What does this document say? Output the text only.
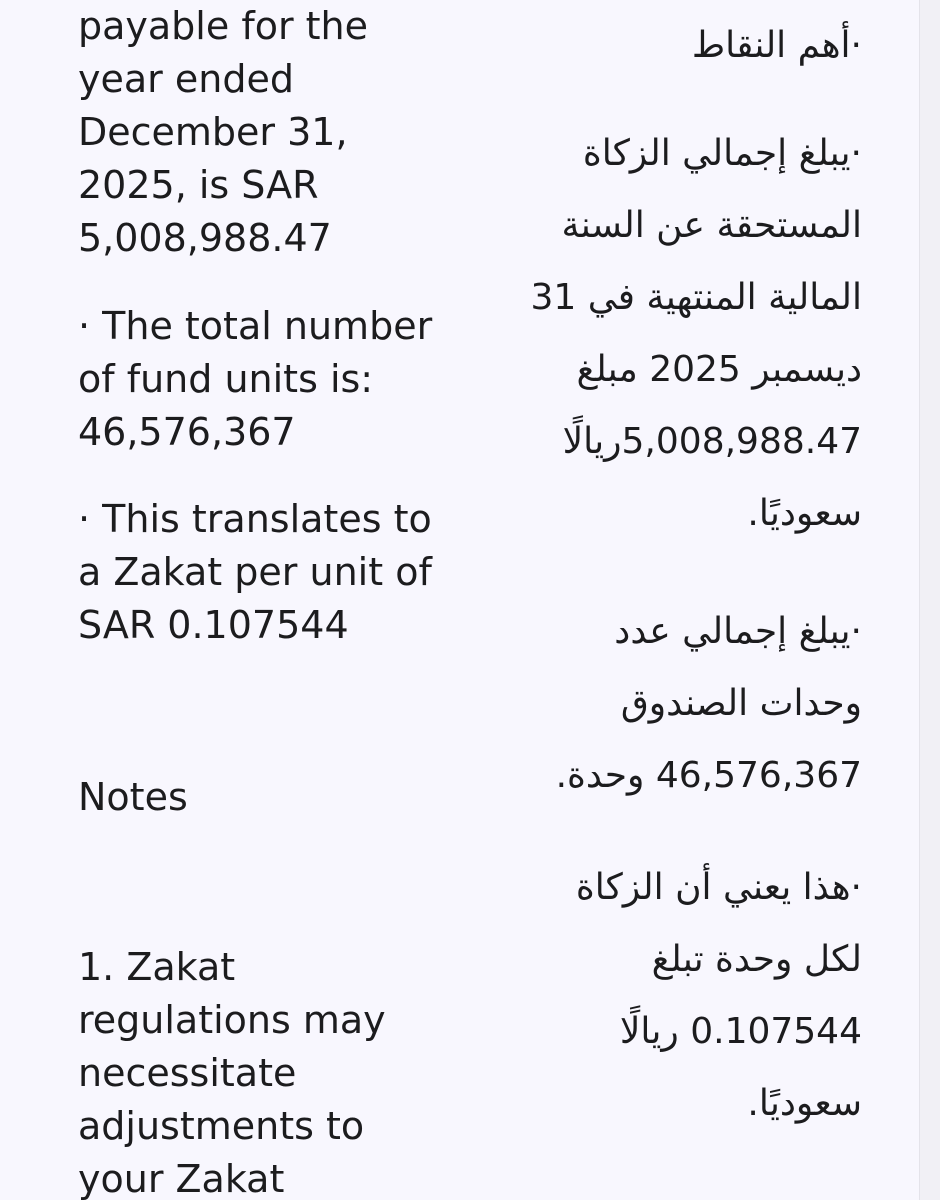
payable for the
year ended
December 31,
2025, is SAR
5,008,988.47
· The total number
of fund units is:
46,576,367
· This translates to
a Zakat per unit of
SAR 0.107544
Notes
1. Zakat
regulations may
necessitate
adjustments to
your Zakat
·أهم النقاط
·يبلغ إجمالي الزكاة
المستحقة عن السنة
المالية المنتهية في 31
ديسمبر 2025 مبلغ
5,008,988.47ريالًا
سعوديًا.
·يبلغ إجمالي عدد
وحدات الصندوق
46,576,367 وحدة.
·هذا يعني أن الزكاة
لكل وحدة تبلغ
0.107544 ريالًا
سعوديًا.
